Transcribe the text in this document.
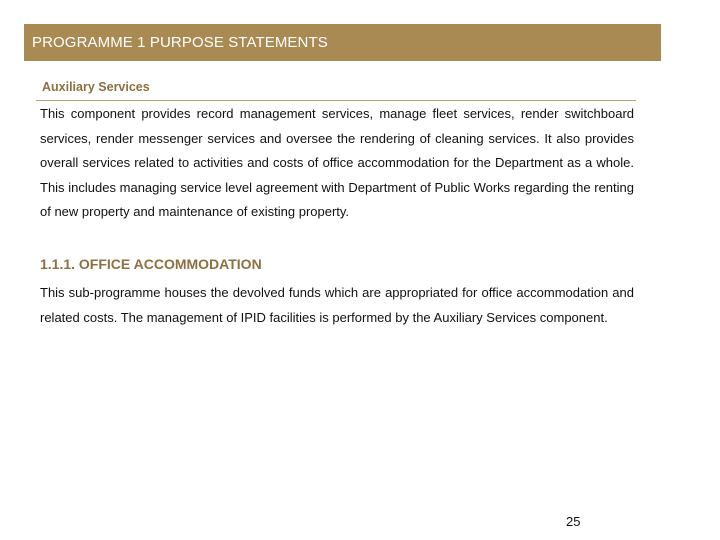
PROGRAMME 1 PURPOSE STATEMENTS
Auxiliary Services

This component provides record management services, manage fleet services, render switchboard services, render messenger services and oversee the rendering of cleaning services. It also provides overall services related to activities and costs of office accommodation for the Department as a whole. This includes managing service level agreement with Department of Public Works regarding the renting of new property and maintenance of existing property.

1.1.1. OFFICE ACCOMMODATION

This sub-programme houses the devolved funds which are appropriated for office accommodation and related costs. The management of IPID facilities is performed by the Auxiliary Services component.

25
